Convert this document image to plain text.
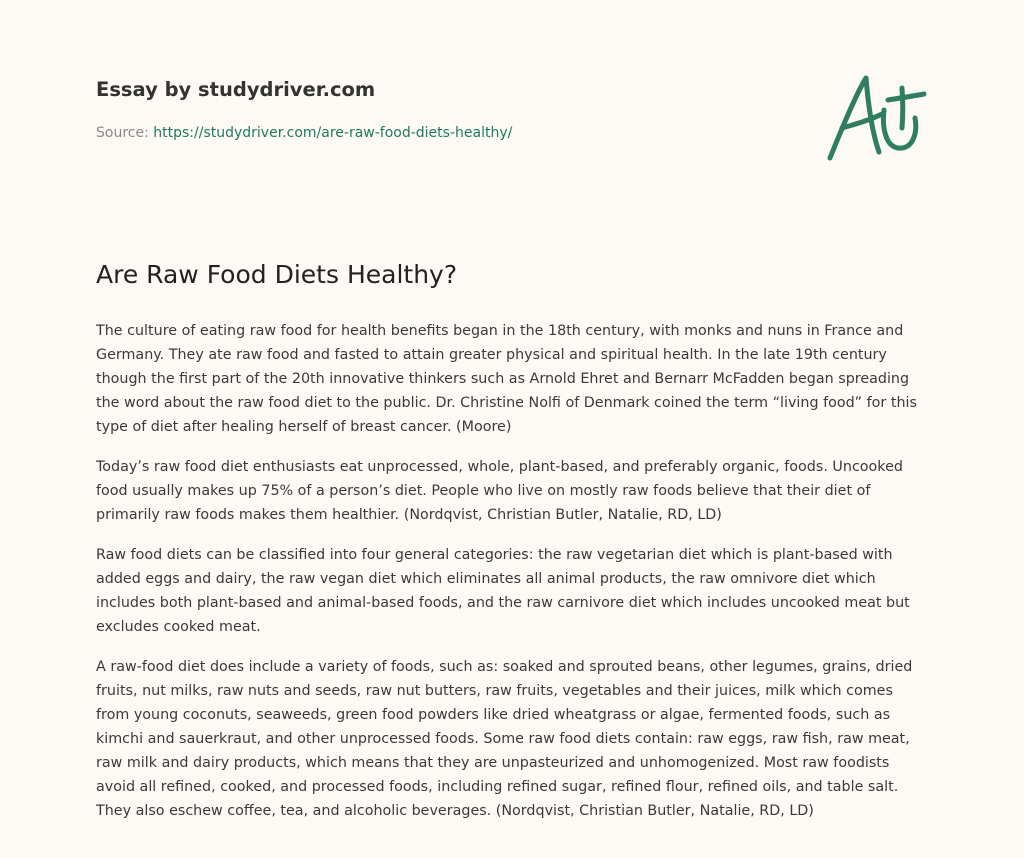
Essay by studydriver.com
Source: https://studydriver.com/are-raw-food-diets-healthy/
Are Raw Food Diets Healthy?

The culture of eating raw food for health benefits began in the 18th century, with monks and nuns in France and Germany. They ate raw food and fasted to attain greater physical and spiritual health. In the late 19th century though the first part of the 20th innovative thinkers such as Arnold Ehret and Bernarr McFadden began spreading the word about the raw food diet to the public. Dr. Christine Nolfi of Denmark coined the term “living food” for this type of diet after healing herself of breast cancer. (Moore)

Today’s raw food diet enthusiasts eat unprocessed, whole, plant-based, and preferably organic, foods. Uncooked food usually makes up 75% of a person’s diet. People who live on mostly raw foods believe that their diet of primarily raw foods makes them healthier. (Nordqvist, Christian Butler, Natalie, RD, LD)

Raw food diets can be classified into four general categories: the raw vegetarian diet which is plant-based with added eggs and dairy, the raw vegan diet which eliminates all animal products, the raw omnivore diet which includes both plant-based and animal-based foods, and the raw carnivore diet which includes uncooked meat but excludes cooked meat.

A raw-food diet does include a variety of foods, such as: soaked and sprouted beans, other legumes, grains, dried fruits, nut milks, raw nuts and seeds, raw nut butters, raw fruits, vegetables and their juices, milk which comes from young coconuts, seaweeds, green food powders like dried wheatgrass or algae, fermented foods, such as kimchi and sauerkraut, and other unprocessed foods. Some raw food diets contain: raw eggs, raw fish, raw meat, raw milk and dairy products, which means that they are unpasteurized and unhomogenized. Most raw foodists avoid all refined, cooked, and processed foods, including refined sugar, refined flour, refined oils, and table salt. They also eschew coffee, tea, and alcoholic beverages. (Nordqvist, Christian Butler, Natalie, RD, LD)
